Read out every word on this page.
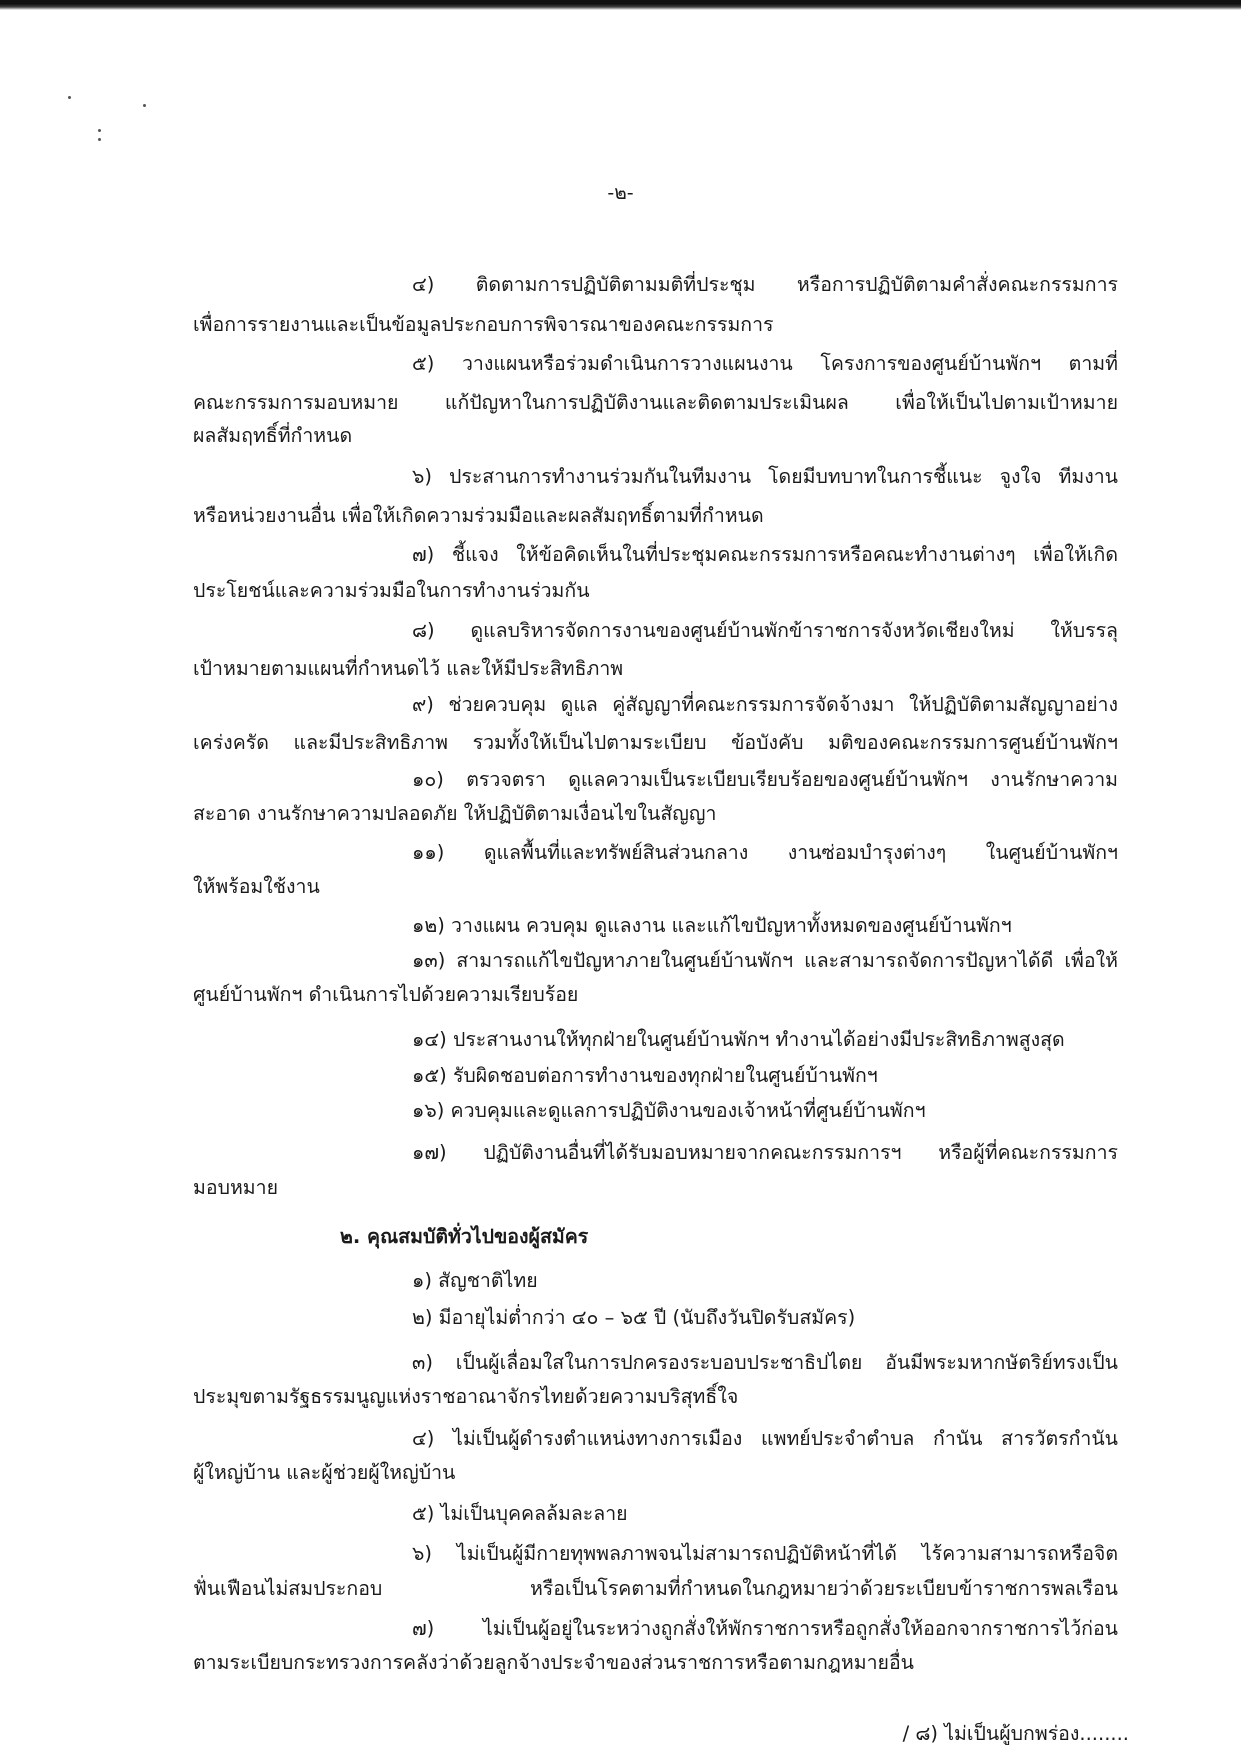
-๒-
๔) ติดตามการปฏิบัติตามมติที่ประชุม หรือการปฏิบัติตามคำสั่งคณะกรรมการ
เพื่อการรายงานและเป็นข้อมูลประกอบการพิจารณาของคณะกรรมการ
๕) วางแผนหรือร่วมดำเนินการวางแผนงาน โครงการของศูนย์บ้านพักฯ ตามที่
คณะกรรมการมอบหมาย แก้ปัญหาในการปฏิบัติงานและติดตามประเมินผล เพื่อให้เป็นไปตามเป้าหมาย
ผลสัมฤทธิ์ที่กำหนด
๖) ประสานการทำงานร่วมกันในทีมงาน โดยมีบทบาทในการชี้แนะ จูงใจ ทีมงาน
หรือหน่วยงานอื่น เพื่อให้เกิดความร่วมมือและผลสัมฤทธิ์ตามที่กำหนด
๗) ชี้แจง ให้ข้อคิดเห็นในที่ประชุมคณะกรรมการหรือคณะทำงานต่างๆ เพื่อให้เกิด
ประโยชน์และความร่วมมือในการทำงานร่วมกัน
๘) ดูแลบริหารจัดการงานของศูนย์บ้านพักข้าราชการจังหวัดเชียงใหม่ ให้บรรลุ
เป้าหมายตามแผนที่กำหนดไว้ และให้มีประสิทธิภาพ
๙) ช่วยควบคุม ดูแล คู่สัญญาที่คณะกรรมการจัดจ้างมา ให้ปฏิบัติตามสัญญาอย่าง
เคร่งครัด และมีประสิทธิภาพ รวมทั้งให้เป็นไปตามระเบียบ ข้อบังคับ มติของคณะกรรมการศูนย์บ้านพักฯ
๑๐) ตรวจตรา ดูแลความเป็นระเบียบเรียบร้อยของศูนย์บ้านพักฯ งานรักษาความ
สะอาด งานรักษาความปลอดภัย ให้ปฏิบัติตามเงื่อนไขในสัญญา
๑๑) ดูแลพื้นที่และทรัพย์สินส่วนกลาง งานซ่อมบำรุงต่างๆ ในศูนย์บ้านพักฯ
ให้พร้อมใช้งาน
๑๒) วางแผน ควบคุม ดูแลงาน และแก้ไขปัญหาทั้งหมดของศูนย์บ้านพักฯ
๑๓) สามารถแก้ไขปัญหาภายในศูนย์บ้านพักฯ และสามารถจัดการปัญหาได้ดี เพื่อให้
ศูนย์บ้านพักฯ ดำเนินการไปด้วยความเรียบร้อย
๑๔) ประสานงานให้ทุกฝ่ายในศูนย์บ้านพักฯ ทำงานได้อย่างมีประสิทธิภาพสูงสุด
๑๕) รับผิดชอบต่อการทำงานของทุกฝ่ายในศูนย์บ้านพักฯ
๑๖) ควบคุมและดูแลการปฏิบัติงานของเจ้าหน้าที่ศูนย์บ้านพักฯ
๑๗) ปฏิบัติงานอื่นที่ได้รับมอบหมายจากคณะกรรมการฯ หรือผู้ที่คณะกรรมการ
มอบหมาย
๒. คุณสมบัติทั่วไปของผู้สมัคร
๑) สัญชาติไทย
๒) มีอายุไม่ต่ำกว่า ๔๐ – ๖๕ ปี (นับถึงวันปิดรับสมัคร)
๓) เป็นผู้เลื่อมใสในการปกครองระบอบประชาธิปไตย อันมีพระมหากษัตริย์ทรงเป็น
ประมุขตามรัฐธรรมนูญแห่งราชอาณาจักรไทยด้วยความบริสุทธิ์ใจ
๔) ไม่เป็นผู้ดำรงตำแหน่งทางการเมือง แพทย์ประจำตำบล กำนัน สารวัตรกำนัน
ผู้ใหญ่บ้าน และผู้ช่วยผู้ใหญ่บ้าน
๕) ไม่เป็นบุคคลล้มละลาย
๖) ไม่เป็นผู้มีกายทุพพลภาพจนไม่สามารถปฏิบัติหน้าที่ได้ ไร้ความสามารถหรือจิต
ฟั่นเฟือนไม่สมประกอบ หรือเป็นโรคตามที่กำหนดในกฎหมายว่าด้วยระเบียบข้าราชการพลเรือน
๗) ไม่เป็นผู้อยู่ในระหว่างถูกสั่งให้พักราชการหรือถูกสั่งให้ออกจากราชการไว้ก่อน
ตามระเบียบกระทรวงการคลังว่าด้วยลูกจ้างประจำของส่วนราชการหรือตามกฎหมายอื่น
/ ๘) ไม่เป็นผู้บกพร่อง........
